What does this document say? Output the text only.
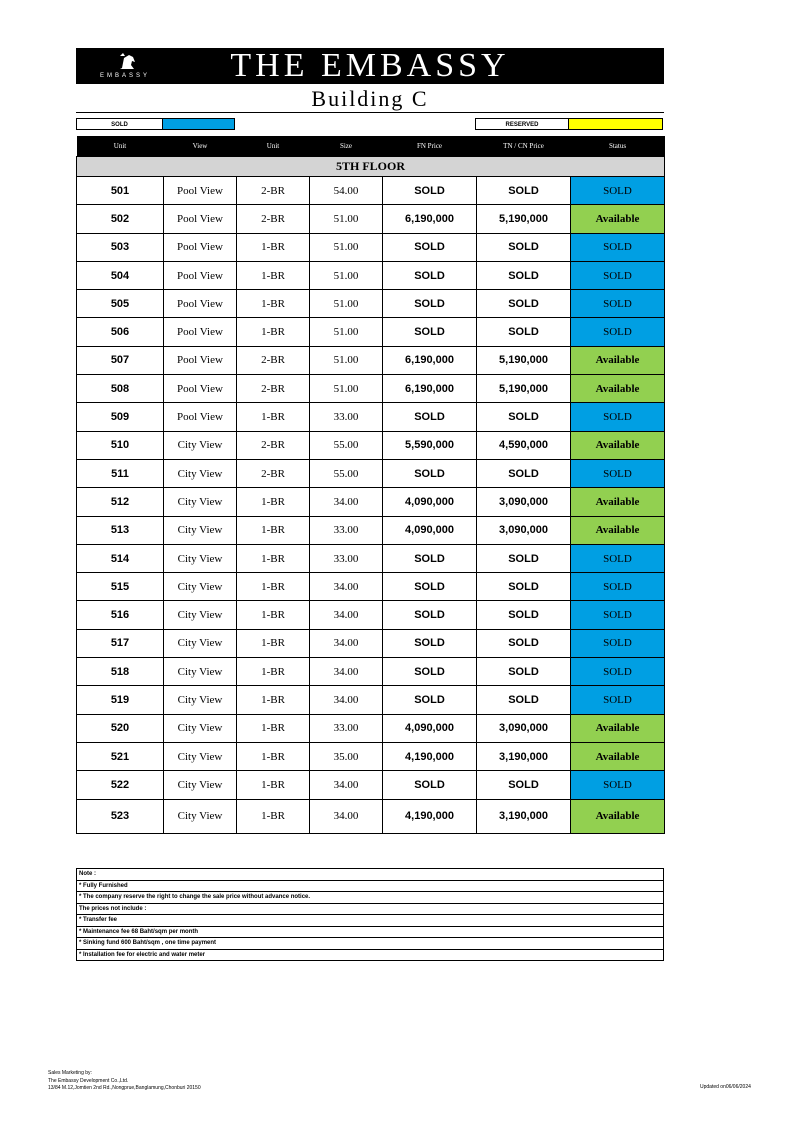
EMBASSY	THE EMBASSY
Building C
SOLD	RESERVED
Unit	View	Unit	Size	FN Price	TN / CN Price	Status
5TH FLOOR						
501	Pool View	2-BR	54.00	SOLD	SOLD	SOLD
502	Pool View	2-BR	51.00	6,190,000	5,190,000	Available
503	Pool View	1-BR	51.00	SOLD	SOLD	SOLD
504	Pool View	1-BR	51.00	SOLD	SOLD	SOLD
505	Pool View	1-BR	51.00	SOLD	SOLD	SOLD
506	Pool View	1-BR	51.00	SOLD	SOLD	SOLD
507	Pool View	2-BR	51.00	6,190,000	5,190,000	Available
508	Pool View	2-BR	51.00	6,190,000	5,190,000	Available
509	Pool View	1-BR	33.00	SOLD	SOLD	SOLD
510	City View	2-BR	55.00	5,590,000	4,590,000	Available
511	City View	2-BR	55.00	SOLD	SOLD	SOLD
512	City View	1-BR	34.00	4,090,000	3,090,000	Available
513	City View	1-BR	33.00	4,090,000	3,090,000	Available
514	City View	1-BR	33.00	SOLD	SOLD	SOLD
515	City View	1-BR	34.00	SOLD	SOLD	SOLD
516	City View	1-BR	34.00	SOLD	SOLD	SOLD
517	City View	1-BR	34.00	SOLD	SOLD	SOLD
518	City View	1-BR	34.00	SOLD	SOLD	SOLD
519	City View	1-BR	34.00	SOLD	SOLD	SOLD
520	City View	1-BR	33.00	4,090,000	3,090,000	Available
521	City View	1-BR	35.00	4,190,000	3,190,000	Available
522	City View	1-BR	34.00	SOLD	SOLD	SOLD
523	City View	1-BR	34.00	4,190,000	3,190,000	Available
Note :
* Fully Furnished
* The company reserve the right to change the sale price without advance notice.
The prices not include :
* Transfer fee
* Maintenance fee 68 Baht/sqm per month
* Sinking fund 600 Baht/sqm , one time payment
* Installation fee for electric and water meter
Sales Marketing by:
The Embassy Development Co.,Ltd.
13/84 M.12,Jomtien 2nd Rd.,Nongprue,Banglamung,Chonburi 20150	Updated on06/06/2024
